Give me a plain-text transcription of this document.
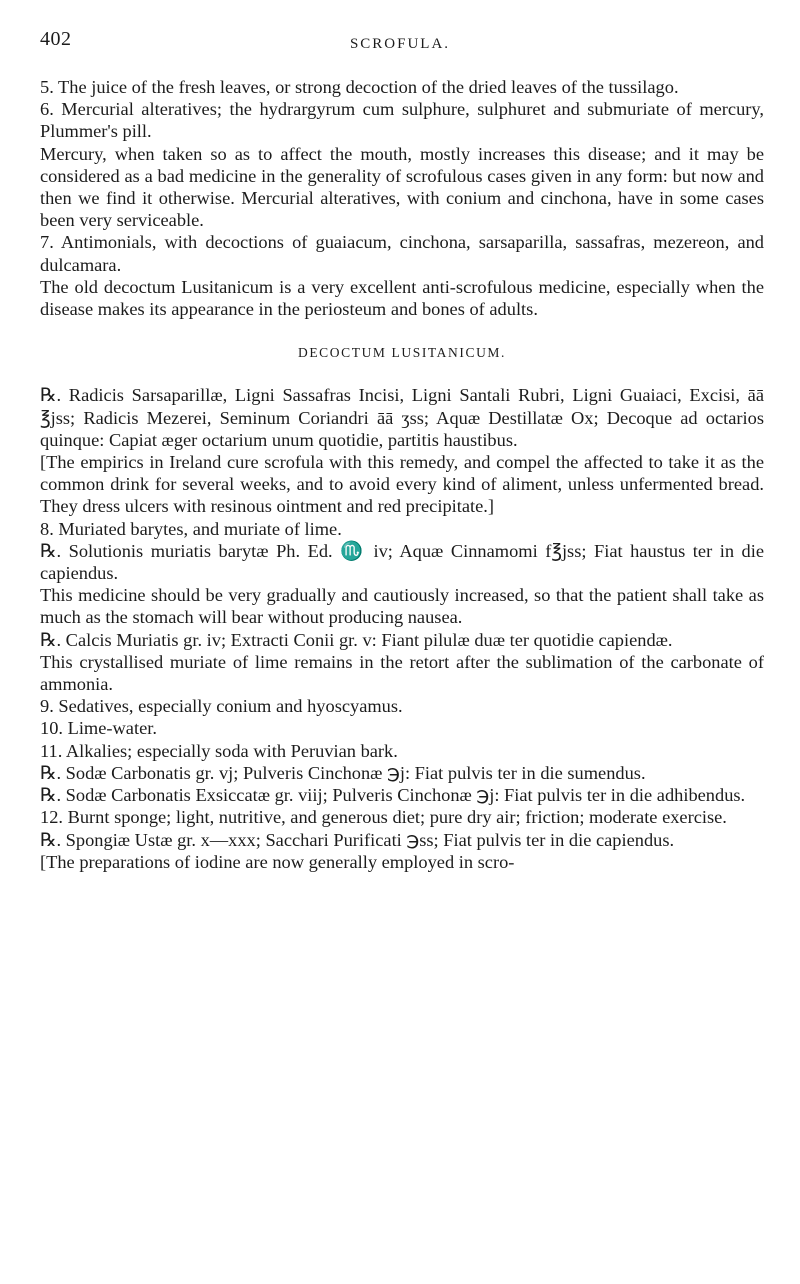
402	SCROFULA.

5. The juice of the fresh leaves, or strong decoction of the dried leaves of the tussilago.

6. Mercurial alteratives; the hydrargyrum cum sulphure, sulphuret and submuriate of mercury, Plummer's pill.

Mercury, when taken so as to affect the mouth, mostly increases this disease; and it may be considered as a bad medicine in the generality of scrofulous cases given in any form: but now and then we find it otherwise. Mercurial alteratives, with conium and cinchona, have in some cases been very serviceable.

7. Antimonials, with decoctions of guaiacum, cinchona, sarsaparilla, sassafras, mezereon, and dulcamara.

The old decoctum Lusitanicum is a very excellent anti-scrofulous medicine, especially when the disease makes its appearance in the periosteum and bones of adults.

DECOCTUM LUSITANICUM.

℞. Radicis Sarsaparillæ, Ligni Sassafras Incisi, Ligni Santali Rubri, Ligni Guaiaci, Excisi, āā ℥jss; Radicis Mezerei, Seminum Coriandri āā ʒss; Aquæ Destillatæ Ox; Decoque ad octarios quinque: Capiat æger octarium unum quotidie, partitis haustibus.

[The empirics in Ireland cure scrofula with this remedy, and compel the affected to take it as the common drink for several weeks, and to avoid every kind of aliment, unless unfermented bread. They dress ulcers with resinous ointment and red precipitate.]

8. Muriated barytes, and muriate of lime.

℞. Solutionis muriatis barytæ Ph. Ed. ♏ iv; Aquæ Cinnamomi f℥jss; Fiat haustus ter in die capiendus.

This medicine should be very gradually and cautiously increased, so that the patient shall take as much as the stomach will bear without producing nausea.

℞. Calcis Muriatis gr. iv; Extracti Conii gr. v: Fiant pilulæ duæ ter quotidie capiendæ.

This crystallised muriate of lime remains in the retort after the sublimation of the carbonate of ammonia.

9. Sedatives, especially conium and hyoscyamus.

10. Lime-water.

11. Alkalies; especially soda with Peruvian bark.

℞. Sodæ Carbonatis gr. vj; Pulveris Cinchonæ ℈j: Fiat pulvis ter in die sumendus.

℞. Sodæ Carbonatis Exsiccatæ gr. viij; Pulveris Cinchonæ ℈j: Fiat pulvis ter in die adhibendus.

12. Burnt sponge; light, nutritive, and generous diet; pure dry air; friction; moderate exercise.

℞. Spongiæ Ustæ gr. x—xxx; Sacchari Purificati ℈ss; Fiat pulvis ter in die capiendus.

[The preparations of iodine are now generally employed in scro-
